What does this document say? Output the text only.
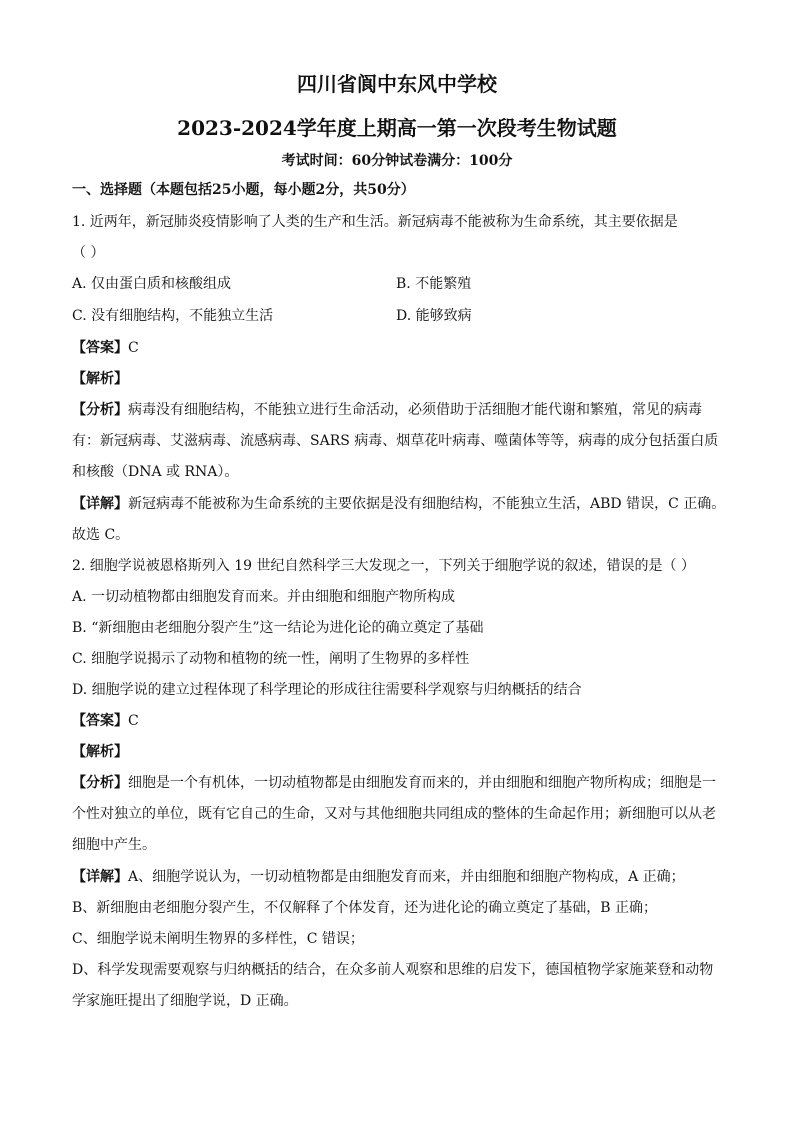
四川省阆中东风中学校
2023-2024学年度上期高一第一次段考生物试题
考试时间：60分钟试卷满分：100分
一、选择题（本题包括25小题，每小题2分，共50分）
1. 近两年，新冠肺炎疫情影响了人类的生产和生活。新冠病毒不能被称为生命系统，其主要依据是
（ ）
A. 仅由蛋白质和核酸组成	B. 不能繁殖
C. 没有细胞结构，不能独立生活	D. 能够致病
【 答案 】 C
【 解析 】
【 分析 】 病毒没有细胞结构，不能独立进行生命活动，必须借助于活细胞才能代谢和繁殖，常见的病毒
有：新冠病毒、艾滋病毒、流感病毒、SARS 病毒、烟草花叶病毒、噬菌体等等，病毒的成分包括蛋白质
和核酸（DNA 或 RNA）。
【 详解 】 新冠病毒不能被称为生命系统的主要依据是没有细胞结构，不能独立生活，ABD 错误，C 正确。
故选 C。
2. 细胞学说被恩格斯列入 19 世纪自然科学三大发现之一，下列关于细胞学说的叙述，错误的是（ ）
A. 一切动植物都由细胞发育而来。并由细胞和细胞产物所构成
B. “新细胞由老细胞分裂产生”这一结论为进化论的确立奠定了基础
C. 细胞学说揭示了动物和植物的统一性，阐明了生物界的多样性
D. 细胞学说的建立过程体现了科学理论的形成往往需要科学观察与归纳概括的结合
【 答案 】 C
【 解析 】
【 分析 】 细胞是一个有机体，一切动植物都是由细胞发育而来的，并由细胞和细胞产物所构成；细胞是一
个性对独立的单位，既有它自己的生命，又对与其他细胞共同组成的整体的生命起作用；新细胞可以从老
细胞中产生。
【 详解 】 A、细胞学说认为，一切动植物都是由细胞发育而来，并由细胞和细胞产物构成，A 正确；
B、新细胞由老细胞分裂产生，不仅解释了个体发育，还为进化论的确立奠定了基础，B 正确；
C、细胞学说未阐明生物界的多样性，C 错误；
D、科学发现需要观察与归纳概括的结合，在众多前人观察和思维的启发下，德国植物学家施莱登和动物
学家施旺提出了细胞学说，D 正确。
